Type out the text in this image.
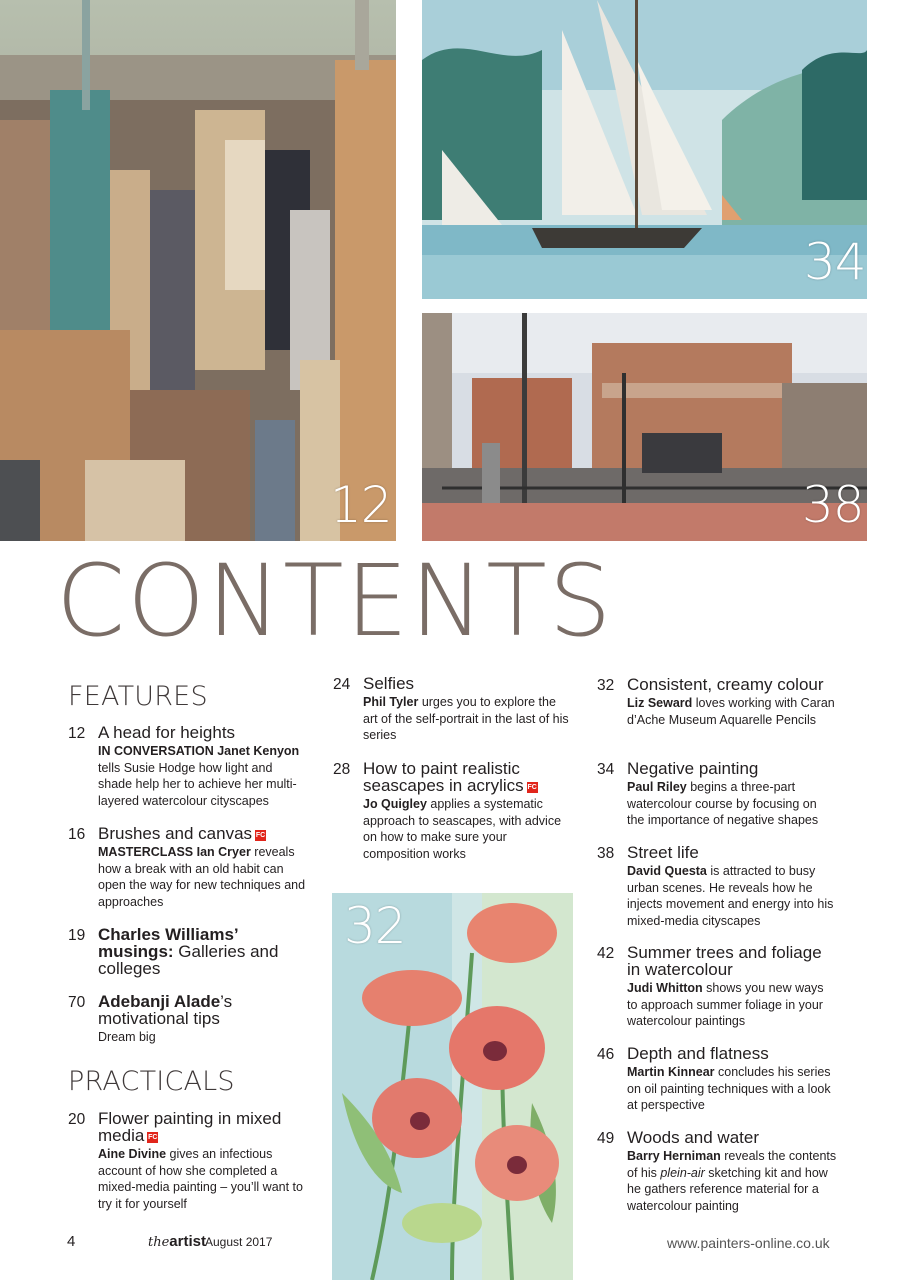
12
34
38
32
CONTENTS
FEATURES
12 A head for heights
IN CONVERSATION Janet Kenyon tells Susie Hodge how light and shade help her to achieve her multi-layered watercolour cityscapes
16 Brushes and canvas FC
MASTERCLASS Ian Cryer reveals how a break with an old habit can open the way for new techniques and approaches
19 Charles Williams’ musings: Galleries and colleges
70 Adebanji Alade’s motivational tips
Dream big
PRACTICALS
20 Flower painting in mixed media FC
Aine Divine gives an infectious account of how she completed a mixed-media painting – you’ll want to try it for yourself
24 Selfies
Phil Tyler urges you to explore the art of the self-portrait in the last of his series
28 How to paint realistic seascapes in acrylics FC
Jo Quigley applies a systematic approach to seascapes, with advice on how to make sure your composition works
32 Consistent, creamy colour
Liz Seward loves working with Caran d’Ache Museum Aquarelle Pencils
34 Negative painting
Paul Riley begins a three-part watercolour course by focusing on the importance of negative shapes
38 Street life
David Questa is attracted to busy urban scenes. He reveals how he injects movement and energy into his mixed-media cityscapes
42 Summer trees and foliage in watercolour
Judi Whitton shows you new ways to approach summer foliage in your watercolour paintings
46 Depth and flatness
Martin Kinnear concludes his series on oil painting techniques with a look at perspective
49 Woods and water
Barry Herniman reveals the contents of his plein-air sketching kit and how he gathers reference material for a watercolour painting
4	theartist August 2017	www.painters-online.co.uk
